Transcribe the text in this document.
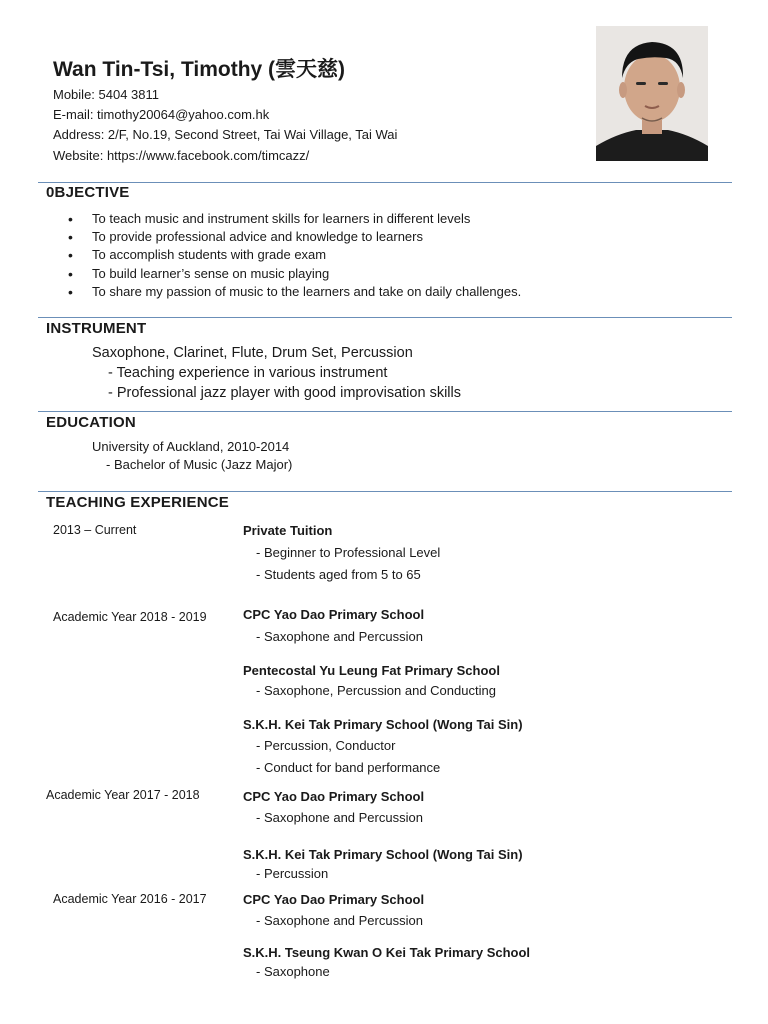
Wan Tin-Tsi, Timothy (雲天慈)
Mobile: 5404 3811
E-mail: timothy20064@yahoo.com.hk
Address: 2/F, No.19, Second Street, Tai Wai Village, Tai Wai
Website: https://www.facebook.com/timcazz/
0BJECTIVE
• To teach music and instrument skills for learners in different levels
• To provide professional advice and knowledge to learners
• To accomplish students with grade exam
• To build learner’s sense on music playing
• To share my passion of music to the learners and take on daily challenges.
INSTRUMENT
Saxophone, Clarinet, Flute, Drum Set, Percussion
- Teaching experience in various instrument
- Professional jazz player with good improvisation skills
EDUCATION
University of Auckland, 2010-2014
- Bachelor of Music (Jazz Major)
TEACHING EXPERIENCE
2013 – Current	Private Tuition
- Beginner to Professional Level
- Students aged from 5 to 65
Academic Year 2018 - 2019	CPC Yao Dao Primary School
- Saxophone and Percussion
Pentecostal Yu Leung Fat Primary School
- Saxophone, Percussion and Conducting
S.K.H. Kei Tak Primary School (Wong Tai Sin)
- Percussion, Conductor
- Conduct for band performance
Academic Year 2017 - 2018	CPC Yao Dao Primary School
- Saxophone and Percussion
S.K.H. Kei Tak Primary School (Wong Tai Sin)
- Percussion
Academic Year 2016 - 2017	CPC Yao Dao Primary School
- Saxophone and Percussion
S.K.H. Tseung Kwan O Kei Tak Primary School
- Saxophone
